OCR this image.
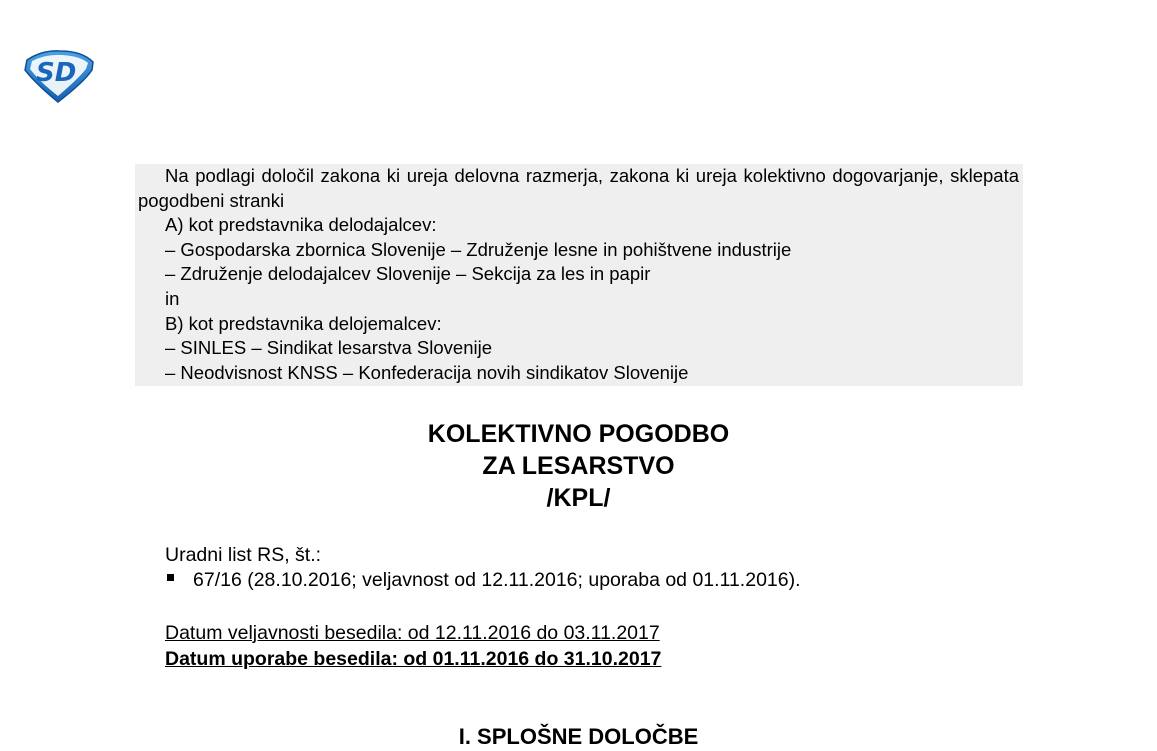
SD

Na podlagi določil zakona ki ureja delovna razmerja, zakona ki ureja kolektivno dogovarjanje, sklepata pogodbeni stranki

A) kot predstavnika delodajalcev:
– Gospodarska zbornica Slovenije – Združenje lesne in pohištvene industrije
– Združenje delodajalcev Slovenije – Sekcija za les in papir
in
B) kot predstavnika delojemalcev:
– SINLES – Sindikat lesarstva Slovenije
– Neodvisnost KNSS – Konfederacija novih sindikatov Slovenije
KOLEKTIVNO POGODBO
ZA LESARSTVO
/KPL/
Uradni list RS, št.:
67/16 (28.10.2016; veljavnost od 12.11.2016; uporaba od 01.11.2016).
Datum veljavnosti besedila: od 12.11.2016 do 03.11.2017
Datum uporabe besedila: od 01.11.2016 do 31.10.2017
I. SPLOŠNE DOLOČBE
